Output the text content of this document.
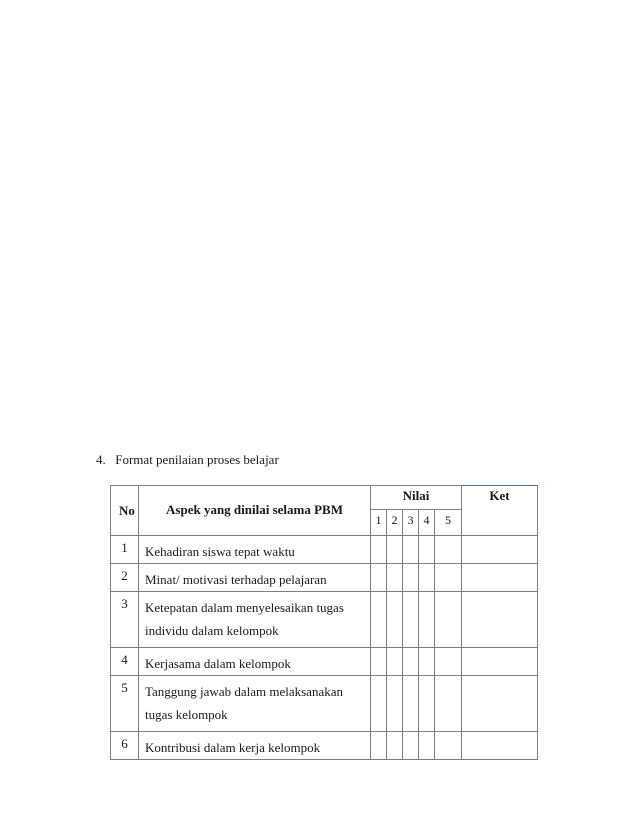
4. Format penilaian proses belajar
No	Aspek yang dinilai selama PBM	Nilai					Ket
		1	2	3	4	5	
1	Kehadiran siswa tepat waktu						
2	Minat/ motivasi terhadap pelajaran						
3	Ketepatan dalam menyelesaikan tugas
individu dalam kelompok						

4	Kerjasama dalam kelompok						
5	Tanggung jawab dalam melaksanakan
tugas kelompok						

6	Kontribusi dalam kerja kelompok						
